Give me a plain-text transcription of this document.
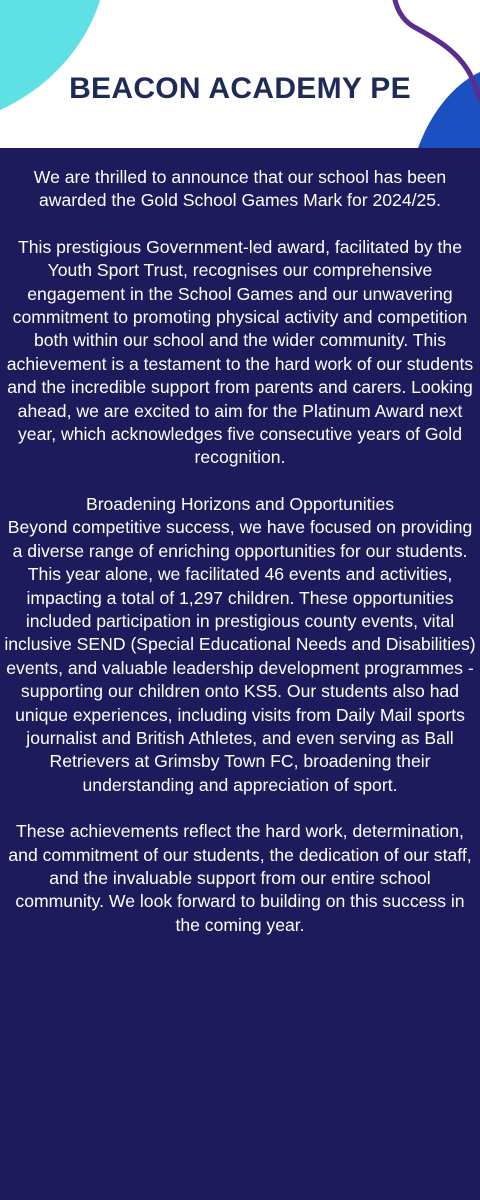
BEACON ACADEMY PE

We are thrilled to announce that our school has been awarded the Gold School Games Mark for 2024/25.

This prestigious Government-led award, facilitated by the Youth Sport Trust, recognises our comprehensive engagement in the School Games and our unwavering commitment to promoting physical activity and competition both within our school and the wider community. This achievement is a testament to the hard work of our students and the incredible support from parents and carers. Looking ahead, we are excited to aim for the Platinum Award next year, which acknowledges five consecutive years of Gold recognition.

Broadening Horizons and Opportunities
Beyond competitive success, we have focused on providing a diverse range of enriching opportunities for our students. This year alone, we facilitated 46 events and activities, impacting a total of 1,297 children. These opportunities included participation in prestigious county events, vital inclusive SEND (Special Educational Needs and Disabilities) events, and valuable leadership development programmes - supporting our children onto KS5. Our students also had unique experiences, including visits from Daily Mail sports journalist and British Athletes, and even serving as Ball Retrievers at Grimsby Town FC, broadening their understanding and appreciation of sport.

These achievements reflect the hard work, determination, and commitment of our students, the dedication of our staff, and the invaluable support from our entire school community. We look forward to building on this success in the coming year.
